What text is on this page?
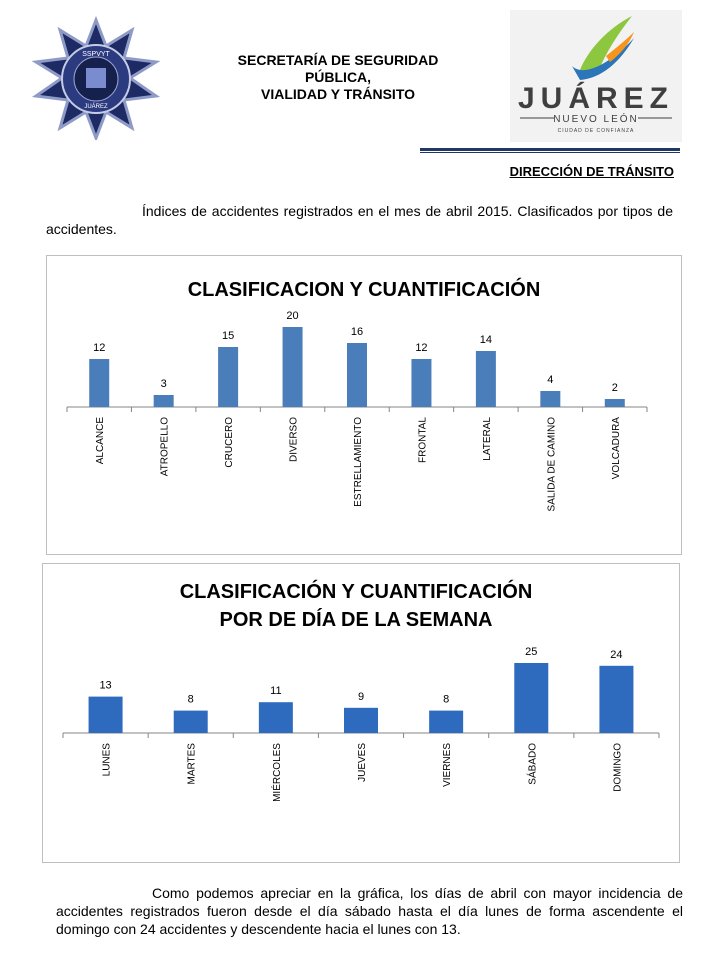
SSPVYT
JUÁREZ
SECRETARÍA DE SEGURIDAD
PÚBLICA,
VIALIDAD Y TRÁNSITO	JUÁREZ
NUEVO LEÓN
CIUDAD DE CONFIANZA
DIRECCIÓN DE TRÁNSITO
Índices de accidentes registrados en el mes de abril 2015. Clasificados por tipos de accidentes.
CLASIFICACION Y CUANTIFICACIÓN
12
ALCANCE
3
ATROPELLO
15
CRUCERO
20
DIVERSO
16
ESTRELLAMIENTO
12
FRONTAL
14
LATERAL
4
SALIDA DE CAMINO
2
VOLCADURA
CLASIFICACIÓN Y CUANTIFICACIÓN
POR DE DÍA DE LA SEMANA
13
LUNES
8
MARTES
11
MIÉRCOLES
9
JUEVES
8
VIERNES
25
SÁBADO
24
DOMINGO
Como podemos apreciar en la gráfica, los días de abril con mayor incidencia de accidentes registrados fueron desde el día sábado hasta el día lunes de forma ascendente el domingo con 24 accidentes y descendente hacia el lunes con 13.
